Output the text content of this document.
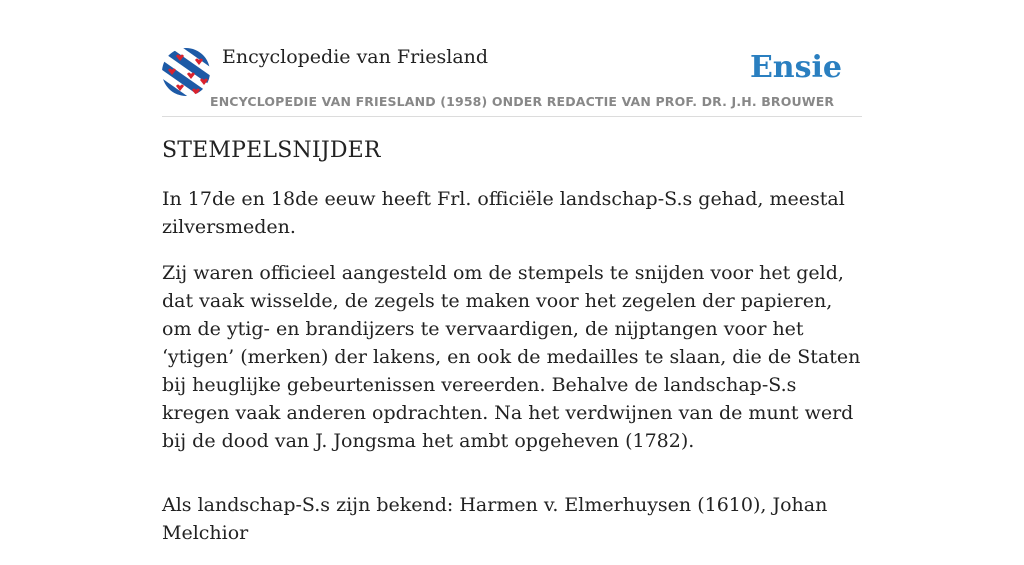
Encyclopedie van Friesland
ENCYCLOPEDIE VAN FRIESLAND (1958) ONDER REDACTIE VAN PROF. DR. J.H. BROUWER
Ensie
STEMPELSNIJDER

In 17de en 18de eeuw heeft Frl. officiële landschap-S.s gehad, meestal zilversmeden.

Zij waren officieel aangesteld om de stempels te snijden voor het geld, dat vaak wisselde, de zegels te maken voor het zegelen der papieren, om de ytig- en brandijzers te vervaardigen, de nijptangen voor het ‘ytigen’ (merken) der lakens, en ook de medailles te slaan, die de Staten bij heuglijke gebeurtenissen vereerden. Behalve de landschap-S.s kregen vaak anderen opdrachten. Na het verdwijnen van de munt werd bij de dood van J. Jongsma het ambt opgeheven (1782).

Als landschap-S.s zijn bekend: Harmen v. Elmerhuysen (1610), Johan Melchior
